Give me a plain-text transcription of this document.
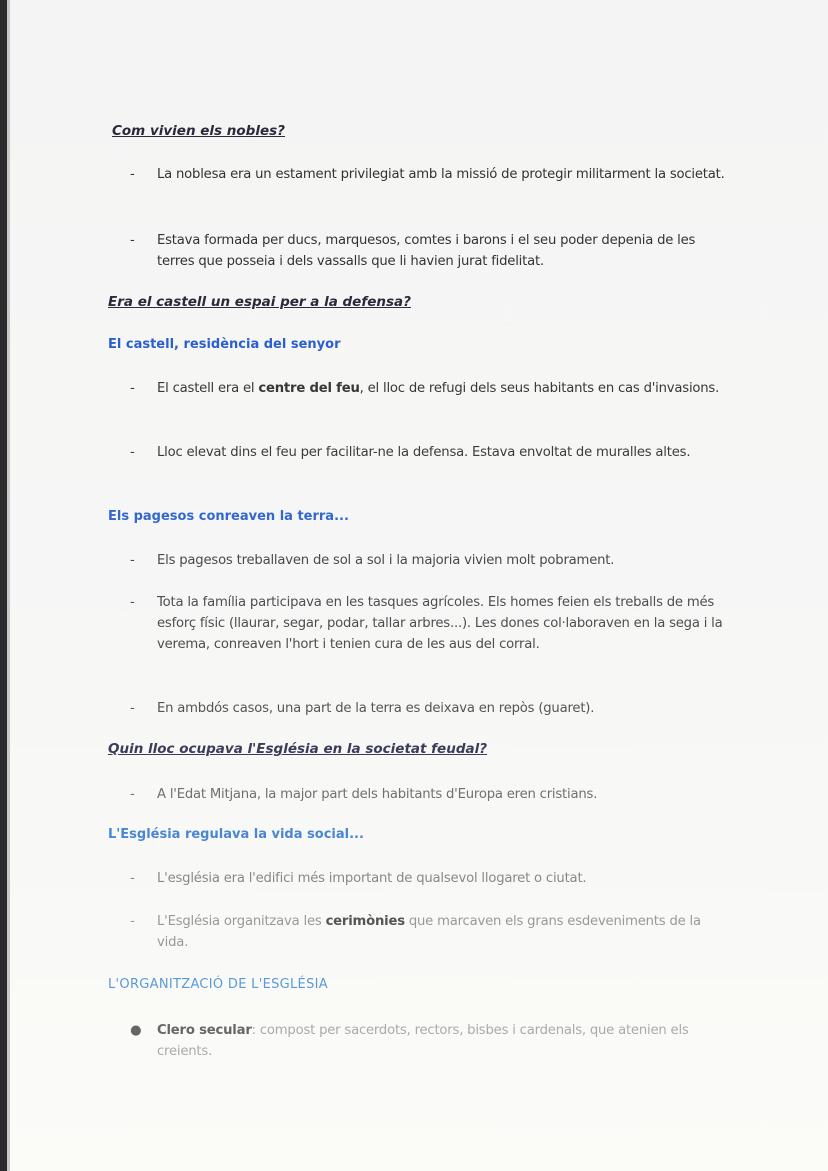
Com vivien els nobles?
- La noblesa era un estament privilegiat amb la missió de protegir militarment la societat.
- Estava formada per ducs, marquesos, comtes i barons i el seu poder depenia de les terres que posseia i dels vassalls que li havien jurat fidelitat.
Era el castell un espai per a la defensa?
El castell, residència del senyor
- El castell era el centre del feu, el lloc de refugi dels seus habitants en cas d'invasions.
- Lloc elevat dins el feu per facilitar-ne la defensa. Estava envoltat de muralles altes.
Els pagesos conreaven la terra...
- Els pagesos treballaven de sol a sol i la majoria vivien molt pobrament.
- Tota la família participava en les tasques agrícoles. Els homes feien els treballs de més esforç físic (llaurar, segar, podar, tallar arbres...). Les dones col·laboraven en la sega i la verema, conreaven l'hort i tenien cura de les aus del corral.
- En ambdós casos, una part de la terra es deixava en repòs (guaret).
Quin lloc ocupava l'Església en la societat feudal?
- A l'Edat Mitjana, la major part dels habitants d'Europa eren cristians.
L'Església regulava la vida social...
- L'església era l'edifici més important de qualsevol llogaret o ciutat.
- L'Església organitzava les cerimònies que marcaven els grans esdeveniments de la vida.
L'ORGANITZACIÓ DE L'ESGLÉSIA
● Clero secular: compost per sacerdots, rectors, bisbes i cardenals, que atenien els creients.
